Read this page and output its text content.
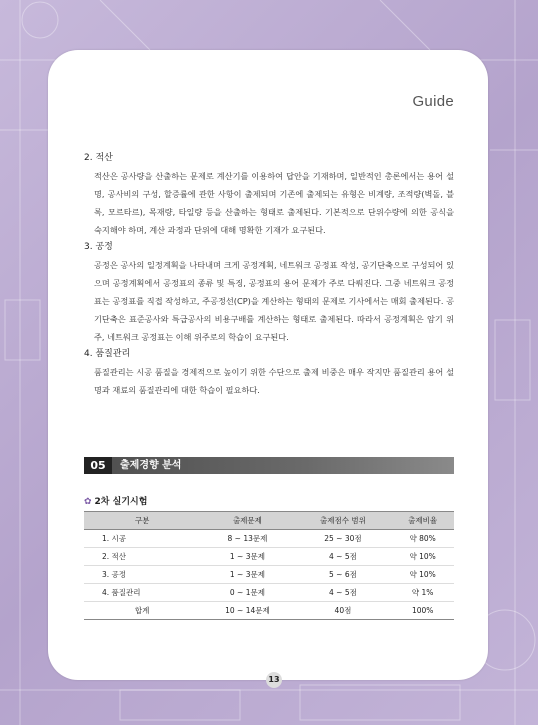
Guide
2. 적산

적산은 공사량을 산출하는 문제로 계산기를 이용하여 답안을 기재하며, 일반적인 총론에서는 용어 설명, 공사비의 구성, 할증률에 관한 사항이 출제되며 기존에 출제되는 유형은 비계량, 조적량(벽돌, 블록, 모르타르), 목재량, 타일량 등을 산출하는 형태로 출제된다. 기본적으로 단위수량에 의한 공식을 숙지해야 하며, 계산 과정과 단위에 대해 명확한 기재가 요구된다.

3. 공정

공정은 공사의 일정계획을 나타내며 크게 공정계획, 네트워크 공정표 작성, 공기단축으로 구성되어 있으며 공정계획에서 공정표의 종류 및 특징, 공정표의 용어 문제가 주로 다뤄진다. 그중 네트워크 공정표는 공정표를 직접 작성하고, 주공정선(CP)을 계산하는 형태의 문제로 기사에서는 매회 출제된다. 공기단축은 표준공사와 특급공사의 비용구배를 계산하는 형태로 출제된다. 따라서 공정계획은 암기 위주, 네트워크 공정표는 이해 위주로의 학습이 요구된다.

4. 품질관리

품질관리는 시공 품질을 경제적으로 높이기 위한 수단으로 출제 비중은 매우 작지만 품질관리 용어 설명과 재료의 품질관리에 대한 학습이 필요하다.

05	출제경향 분석
✿ 2차 실기시험
구분	출제문제	출제점수 범위	출제비율
1. 시공	8 ~ 13문제	25 ~ 30점	약 80%
2. 적산	1 ~ 3문제	4 ~ 5점	약 10%
3. 공정	1 ~ 3문제	5 ~ 6점	약 10%
4. 품질관리	0 ~ 1문제	4 ~ 5점	약 1%
합계	10 ~ 14문제	40점	100%
13
